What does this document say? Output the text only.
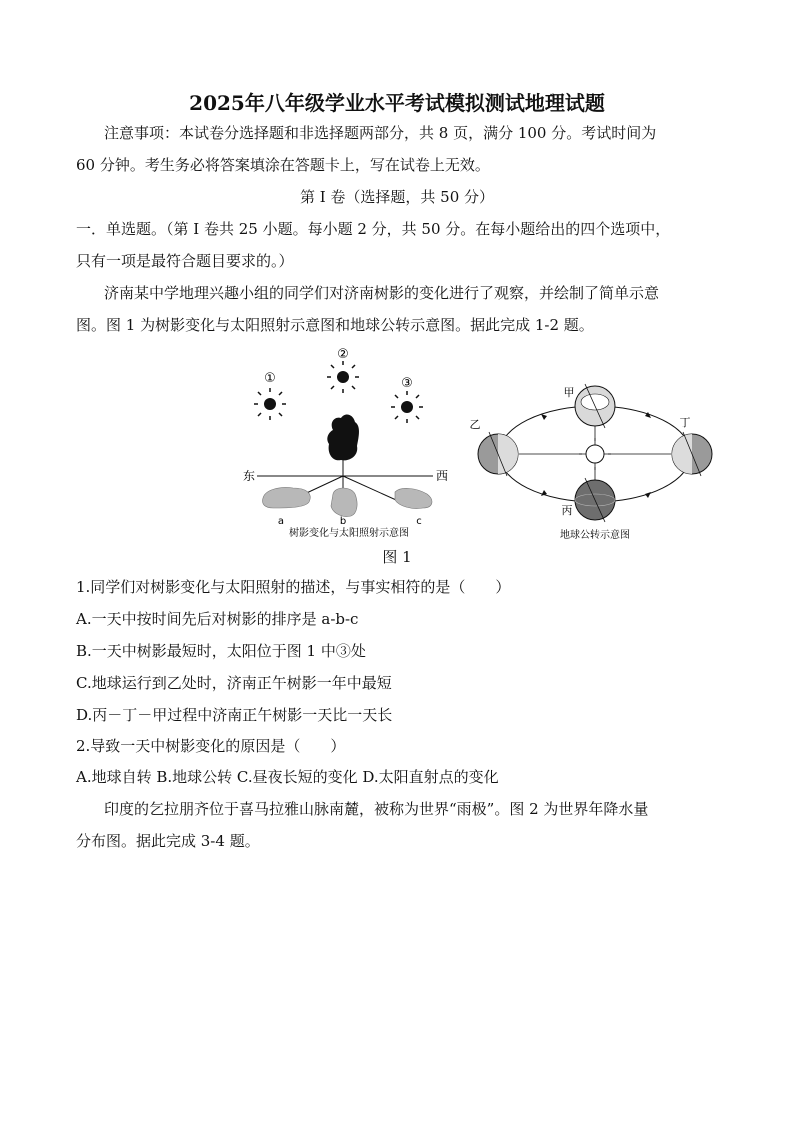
2025年八年级学业水平考试模拟测试地理试题
注意事项：本试卷分选择题和非选择题两部分，共 8 页，满分 100 分。考试时间为
60 分钟。考生务必将答案填涂在答题卡上，写在试卷上无效。
第 I 卷（选择题，共 50 分）
一．单选题。（第 I 卷共 25 小题。每小题 2 分，共 50 分。在每小题给出的四个选项中，
只有一项是最符合题目要求的。）
济南某中学地理兴趣小组的同学们对济南树影的变化进行了观察，并绘制了简单示意
图。图 1 为树影变化与太阳照射示意图和地球公转示意图。据此完成 1-2 题。
①
②
③
东	西
a	b	c
树影变化与太阳照射示意图
甲
乙
丙
丁
地球公转示意图
图 1
1.同学们对树影变化与太阳照射的描述，与事实相符的是（　　）
A.一天中按时间先后对树影的排序是 a-b-c
B.一天中树影最短时，太阳位于图 1 中③处
C.地球运行到乙处时，济南正午树影一年中最短
D.丙－丁－甲过程中济南正午树影一天比一天长
2.导致一天中树影变化的原因是（　　）
A.地球自转 B.地球公转 C.昼夜长短的变化 D.太阳直射点的变化
印度的乞拉朋齐位于喜马拉雅山脉南麓，被称为世界“雨极”。图 2 为世界年降水量
分布图。据此完成 3-4 题。
